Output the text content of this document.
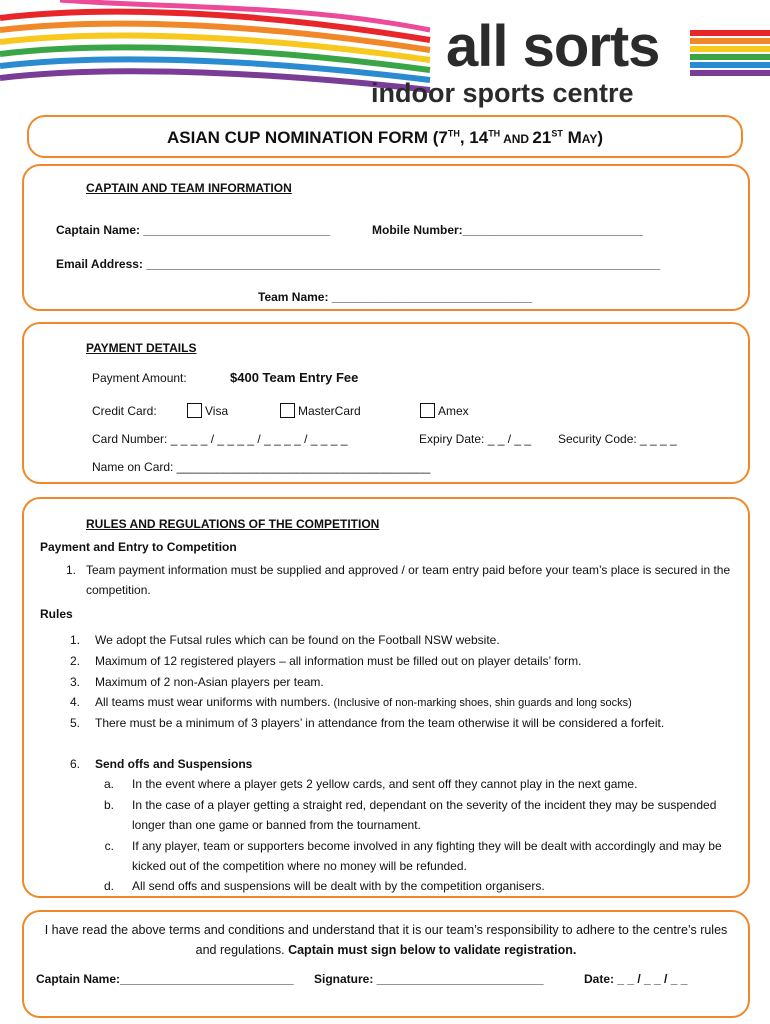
all sorts
indoor sports centre
ASIAN CUP NOMINATION FORM (7TH, 14TH AND 21ST MAY)
CAPTAIN AND TEAM INFORMATION
Captain Name: ____________________________	Mobile Number:___________________________
Email Address: _____________________________________________________________________________
Team Name: ______________________________
PAYMENT DETAILS
Payment Amount:	$400 Team Entry Fee
Credit Card:	Visa	MasterCard	Amex
Card Number: _ _ _ _ / _ _ _ _ / _ _ _ _ / _ _ _ _	Expiry Date: _ _ / _ _ Security Code: _ _ _ _
Name on Card: ______________________________________
RULES AND REGULATIONS OF THE COMPETITION
Payment and Entry to Competition
1. Team payment information must be supplied and approved / or team entry paid before your team’s place is secured in the competition.
Rules
1. We adopt the Futsal rules which can be found on the Football NSW website.
2. Maximum of 12 registered players – all information must be filled out on player details’ form.
3. Maximum of 2 non-Asian players per team.
4. All teams must wear uniforms with numbers. (Inclusive of non-marking shoes, shin guards and long socks)
5. There must be a minimum of 3 players’ in attendance from the team otherwise it will be considered a forfeit.
6. Send offs and Suspensions
a. In the event where a player gets 2 yellow cards, and sent off they cannot play in the next game.
b. In the case of a player getting a straight red, dependant on the severity of the incident they may be suspended longer than one game or banned from the tournament.
c. If any player, team or supporters become involved in any fighting they will be dealt with accordingly and may be kicked out of the competition where no money will be refunded.
d. All send offs and suspensions will be dealt with by the competition organisers.
I have read the above terms and conditions and understand that it is our team’s responsibility to adhere to the centre’s rules and regulations. Captain must sign below to validate registration.
Captain Name:__________________________ Signature: _________________________	Date: _ _ / _ _ / _ _
